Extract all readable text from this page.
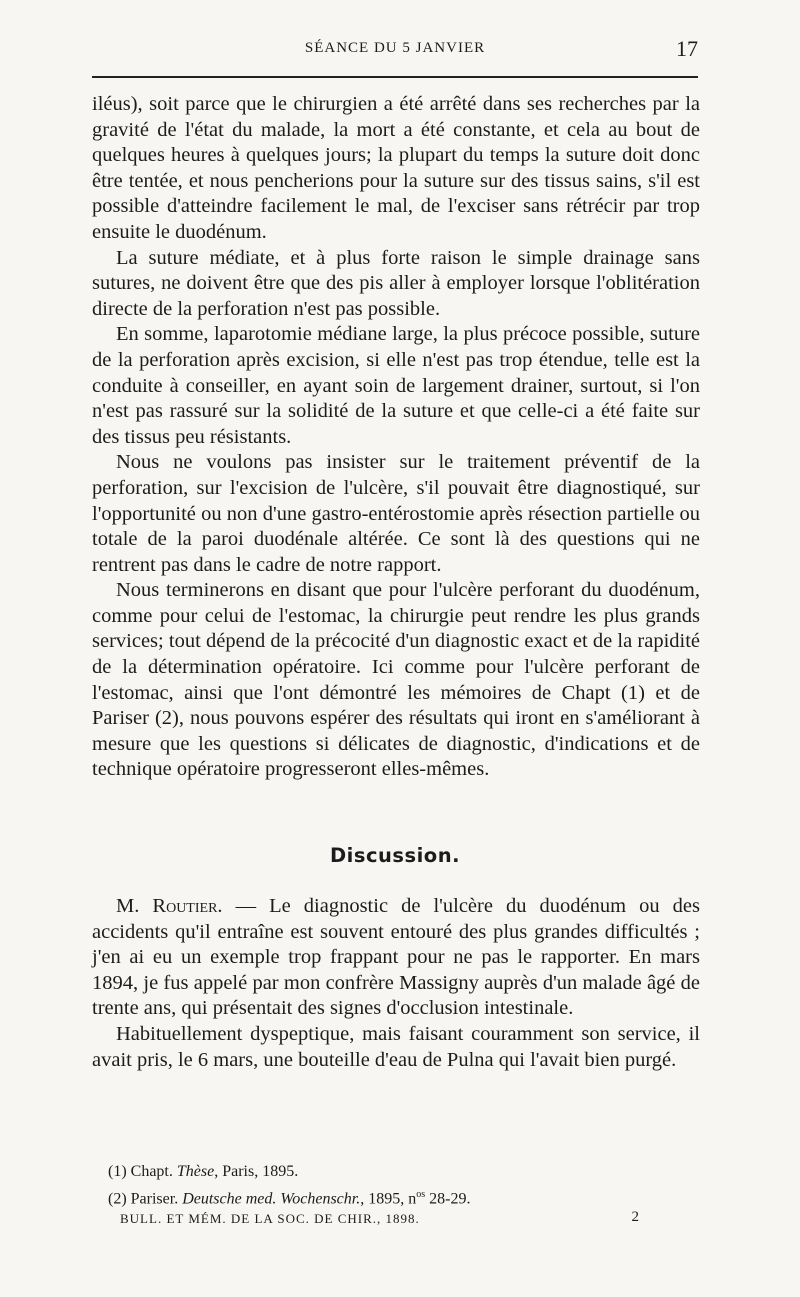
SÉANCE DU 5 JANVIER	17

iléus), soit parce que le chirurgien a été arrêté dans ses recherches par la gravité de l'état du malade, la mort a été constante, et cela au bout de quelques heures à quelques jours; la plupart du temps la suture doit donc être tentée, et nous pencherions pour la suture sur des tissus sains, s'il est possible d'atteindre facilement le mal, de l'exciser sans rétrécir par trop ensuite le duodénum.

La suture médiate, et à plus forte raison le simple drainage sans sutures, ne doivent être que des pis aller à employer lorsque l'oblitération directe de la perforation n'est pas possible.

En somme, laparotomie médiane large, la plus précoce possible, suture de la perforation après excision, si elle n'est pas trop étendue, telle est la conduite à conseiller, en ayant soin de largement drainer, surtout, si l'on n'est pas rassuré sur la solidité de la suture et que celle-ci a été faite sur des tissus peu résistants.

Nous ne voulons pas insister sur le traitement préventif de la perforation, sur l'excision de l'ulcère, s'il pouvait être diagnostiqué, sur l'opportunité ou non d'une gastro-entérostomie après résection partielle ou totale de la paroi duodénale altérée. Ce sont là des questions qui ne rentrent pas dans le cadre de notre rapport.

Nous terminerons en disant que pour l'ulcère perforant du duodénum, comme pour celui de l'estomac, la chirurgie peut rendre les plus grands services; tout dépend de la précocité d'un diagnostic exact et de la rapidité de la détermination opératoire. Ici comme pour l'ulcère perforant de l'estomac, ainsi que l'ont démontré les mémoires de Chapt (1) et de Pariser (2), nous pouvons espérer des résultats qui iront en s'améliorant à mesure que les questions si délicates de diagnostic, d'indications et de technique opératoire progresseront elles-mêmes.

Discussion.

M. Routier. — Le diagnostic de l'ulcère du duodénum ou des accidents qu'il entraîne est souvent entouré des plus grandes difficultés ; j'en ai eu un exemple trop frappant pour ne pas le rapporter. En mars 1894, je fus appelé par mon confrère Massigny auprès d'un malade âgé de trente ans, qui présentait des signes d'occlusion intestinale.

Habituellement dyspeptique, mais faisant couramment son service, il avait pris, le 6 mars, une bouteille d'eau de Pulna qui l'avait bien purgé.

(1) Chapt. Thèse, Paris, 1895.
(2) Pariser. Deutsche med. Wochenschr., 1895, $n^{os}$ 28-29.
BULL. ET MÉM. DE LA SOC. DE CHIR., 1898.	2
